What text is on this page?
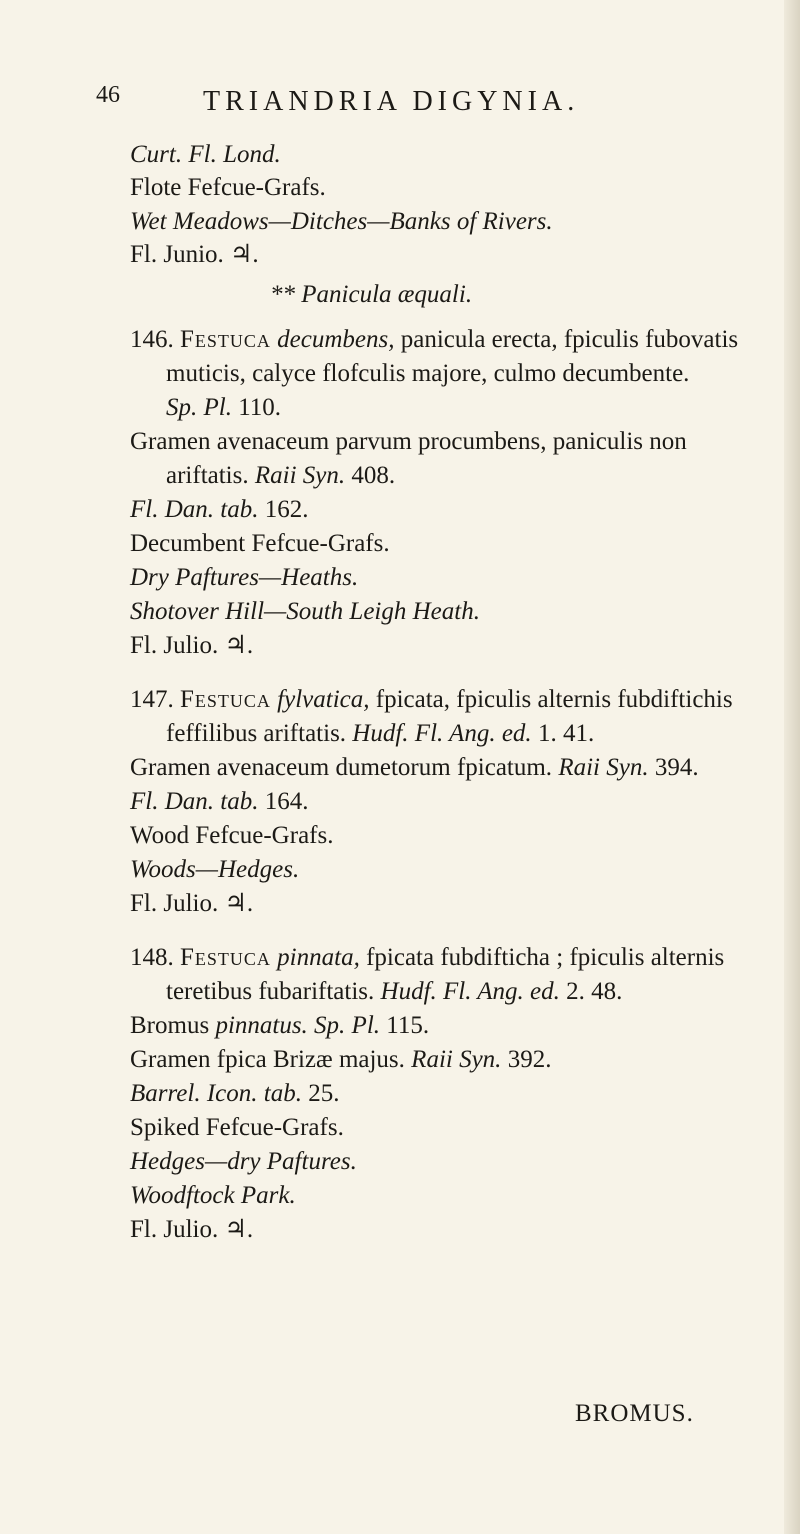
46	TRIANDRIA DIGYNIA.
Curt. Fl. Lond.
Flote Fefcue-Grafs.
Wet Meadows—Ditches—Banks of Rivers.
Fl. Junio. ♃.
** Panicula æquali.
146. Festuca decumbens, panicula erecta, fpiculis fubovatis
muticis, calyce flofculis majore, culmo decumbente.
Sp. Pl. 110.
Gramen avenaceum parvum procumbens, paniculis non
ariftatis. Raii Syn. 408.
Fl. Dan. tab. 162.
Decumbent Fefcue-Grafs.
Dry Paftures—Heaths.
Shotover Hill—South Leigh Heath.
Fl. Julio. ♃.
147. Festuca fylvatica, fpicata, fpiculis alternis fubdiftichis
feffilibus ariftatis. Hudf. Fl. Ang. ed. 1. 41.
Gramen avenaceum dumetorum fpicatum. Raii Syn. 394.
Fl. Dan. tab. 164.
Wood Fefcue-Grafs.
Woods—Hedges.
Fl. Julio. ♃.
148. Festuca pinnata, fpicata fubdifticha ; fpiculis alternis
teretibus fubariftatis. Hudf. Fl. Ang. ed. 2. 48.
Bromus pinnatus. Sp. Pl. 115.
Gramen fpica Brizæ majus. Raii Syn. 392.
Barrel. Icon. tab. 25.
Spiked Fefcue-Grafs.
Hedges—dry Paftures.
Woodftock Park.
Fl. Julio. ♃.
BROMUS.
